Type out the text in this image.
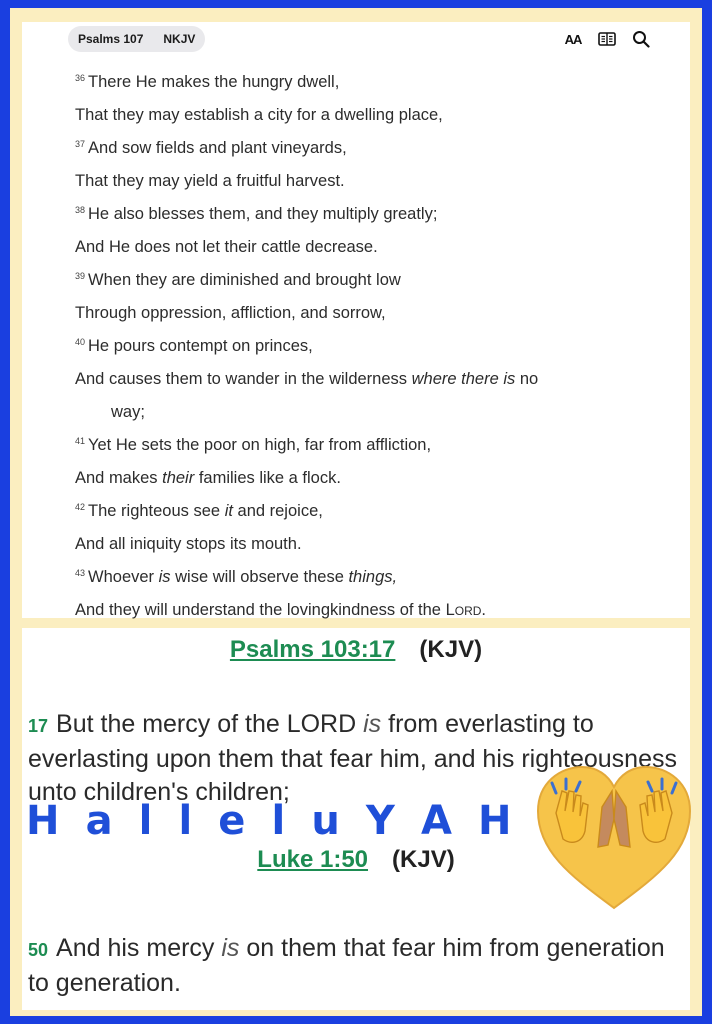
Psalms 107 NKJV	AA
$^{36}$ There He makes the hungry dwell,
That they may establish a city for a dwelling place,
$^{37}$ And sow fields and plant vineyards,
That they may yield a fruitful harvest.
$^{38}$ He also blesses them, and they multiply greatly;
And He does not let their cattle decrease.
$^{39}$ When they are diminished and brought low
Through oppression, affliction, and sorrow,
$^{40}$ He pours contempt on princes,
And causes them to wander in the wilderness where there is no
way;
$^{41}$ Yet He sets the poor on high, far from affliction,
And makes their families like a flock.
$^{42}$ The righteous see it and rejoice,
And all iniquity stops its mouth.
$^{43}$ Whoever is wise will observe these things,
And they will understand the lovingkindness of the Lord.
Psalms 103:17 (KJV)
17 But the mercy of the LORD is from everlasting to everlasting upon them that fear him, and his righteousness unto children's children;
H a l l e l u Y A H
Luke 1:50 (KJV)
50 And his mercy is on them that fear him from generation to generation.
